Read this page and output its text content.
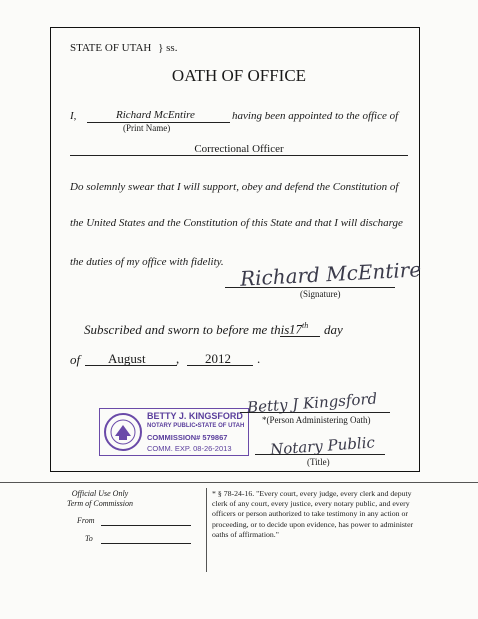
STATE OF UTAH } ss.
OATH OF OFFICE
I,	Richard McEntire	having been appointed to the office of
(Print Name)
Correctional Officer
Do solemnly swear that I will support, obey and defend the Constitution of
the United States and the Constitution of this State and that I will discharge
the duties of my office with fidelity. Richard McEntire
(Signature)
Subscribed and sworn to before me this 17th day
of August , 2012 .
BETTY J. KINGSFORD
NOTARY PUBLIC•STATE OF UTAH
COMMISSION# 579867
COMM. EXP. 08-26-2013
Betty J Kingsford
*(Person Administering Oath)
Notary Public
(Title)
Official Use Only
Term of Commission
From
To
* § 78-24-16. "Every court, every judge, every clerk and deputy clerk of any court, every justice, every notary public, and every officers or person authorized to take testimony in any action or proceeding, or to decide upon evidence, has power to administer oaths of affirmation."
